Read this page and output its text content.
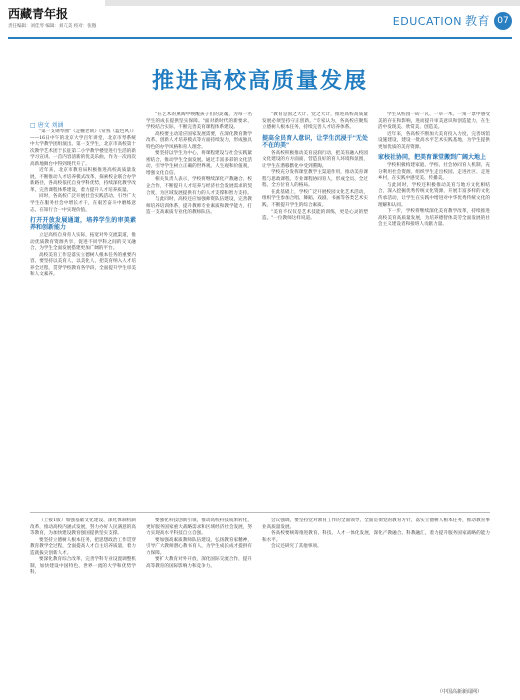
西藏青年报
责任编辑：刘佳琴 编辑：刘亢美 校对：张傲	EDUCATION 教育 07
推进高校高质量发展
□ 唐文 刘涵

"第一支钢琴曲"《走幄老斯》《常熟（篮色风）》——16日中午的北京大学百年讲堂，北京市琴系统中大学教学团组演出。第一支学生，北京市高校第十次教学艺术团于长征第二小学教学楼里进行生活的新学习宣讲。一首内容清新的优美乐曲，作为一次再次高新地舞台中得到现代开了。

近年来，北京市教育局积极推进高校高质量发展，不断推动人才培养模式改革，探索校企联合办学新路径，各高校依托自身学科优势，持续深化教学改革，完善课程体系建设，着力提升人才培养质量。

同时，各高校广泛开展社会实践活动，引导广大学生在服务社会中增长才干，在艰苦奋斗中磨练意志，在知行合一中实现价值。

打开开放发展通道，培养学生的审美素养和创新能力

立足高校自身育人实际，拓宽对外交流渠道，推动优质教育资源共享，促进不同学科之间的交叉融合，为学生全面发展搭建更加广阔的平台。

高校美育工作是落实立德树人根本任务的重要内容，要坚持以美育人、以美化人，把美育纳入人才培养全过程，贯穿学校教育各学段，全面提升学生审美和人文素养。

"在艺术的熏陶中唤醒孩子们的灵魂，为每一名学生的成长提供坚实保障。"面对新时代的新要求，学校结合实际，不断完善美育课程体系建设。

高校要主动适应国家发展需要，在深化教育教学改革、创新人才培养模式等方面持续发力，形成独具特色的办学风格和育人理念。

要坚持以学生为中心，将课程建设与社会实践紧密结合，推动学生全面发展。通过丰富多彩的文化活动，引导学生树立正确的世界观、人生观和价值观，增强文化自信。

相关负责人表示，学校将继续深化产教融合、校企合作，不断提升人才培养与经济社会发展需求的契合度，为区域发展提供有力的人才支撑和智力支持。

与此同时，高校还应加强师资队伍建设，完善教师培养培训体系，提升教师专业素质和教学能力，打造一支高素质专业化的教师队伍。

"教育是国之大计、党之大计，推进高校高质量发展必须坚持守正创新。"专家认为，各高校应聚焦立德树人根本任务，持续完善人才培养体系。

提高全员育人意识，让学生沉浸于"无处不在的美"

各高校积极推动美育浸润行动，把美育融入校园文化建设的方方面面，营造良好的育人环境和氛围，让学生在潜移默化中受到熏陶。

学校充分发挥课堂教学主渠道作用，推动美育课程与思政课程、专业课程协同育人，形成全员、全过程、全方位育人的格局。

在此基础上，学校广泛开展校园文化艺术活动，组织学生参加合唱、舞蹈、戏剧、书画等各类艺术实践，不断提升学生的综合素质。

"美育不仅仅是艺术技能的训练，更是心灵的塑造。"一位教师这样说道。

学生从校园一砖一瓦、一草一木、一角一景中感受美的存在和影响，进而提升审美意识和创造能力，在生活中发现美、欣赏美、创造美。

近年来，各高校不断加大美育投入力度，完善场馆设施建设，建设一批高水平艺术实践基地，为学生提供更加优质的美育资源。

家校社协同，把美育课堂搬到广阔大地上

学校积极构建家庭、学校、社会协同育人机制，充分利用社会资源，组织学生走出校园、走进社区、走进乡村，在实践中感受美、传播美。

与此同时，学校还积极推动美育与地方文化相结合，深入挖掘优秀传统文化资源，开展丰富多样的文化传承活动，让学生在实践中增进对中华优秀传统文化的理解和认同。

下一步，学校将继续深化美育教学改革，持续推进高校美育高质量发展，为培养德智体美劳全面发展的社会主义建设者和接班人贡献力量。

（上接1版）加强基础文化建设、深化体制机制改革，推动高校内涵式发展，努力办好人民满意的高等教育，为加快建设教育强国提供坚实支撑。

要坚持立德树人根本任务，把思想政治工作贯穿教育教学全过程，全面提高人才自主培养质量，着力造就拔尖创新人才。

要深化教育综合改革，完善学科专业设置调整机制，加快建设中国特色、世界一流的大学和优势学科。

要强化科技创新引领，推动高校科技成果转化，更好服务国家重大战略需求和区域经济社会发展，努力实现高水平科技自立自强。

要加强高素质教师队伍建设，弘扬教育家精神，引导广大教师潜心教书育人，为学生成长成才提供有力保障。

要扩大教育对外开放，深化国际交流合作，提升高等教育的国际影响力和竞争力。

会议强调，要坚持党对教育工作的全面领导，全面贯彻党的教育方针，落实立德树人根本任务，推动教育事业高质量发展。

各高校要统筹推进教育、科技、人才一体化发展，深化产教融合、科教融汇，着力提升服务国家战略的能力和水平。

会议还研究了其他事项。

（中国高新新闻网）
